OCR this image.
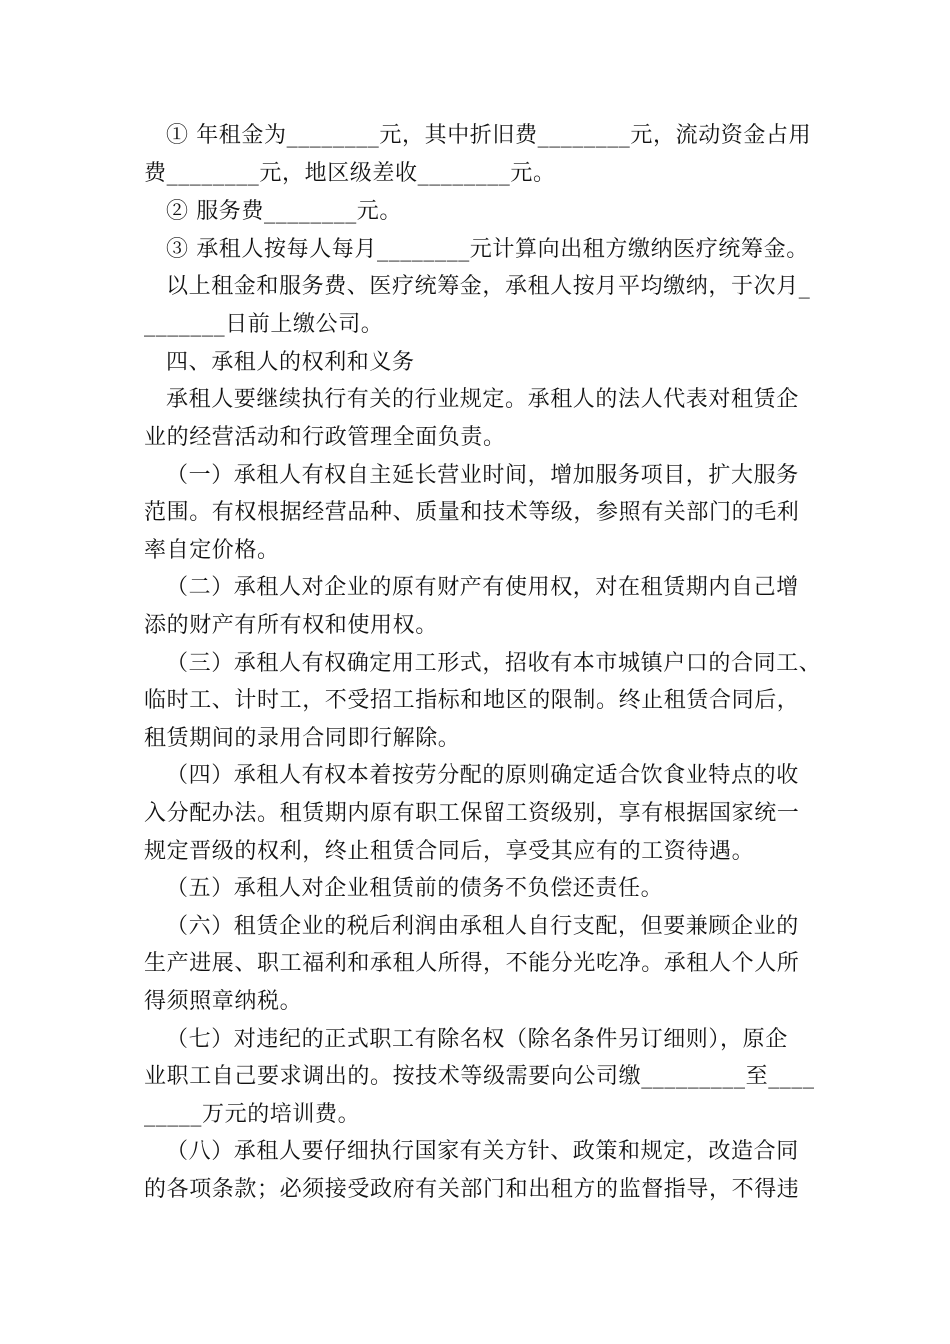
① 年租金为________元，其中折旧费________元，流动资金占用
费________元，地区级差收________元。
② 服务费________元。
③ 承租人按每人每月________元计算向出租方缴纳医疗统筹金。
以上租金和服务费、医疗统筹金，承租人按月平均缴纳，于次月_
_______日前上缴公司。
四、承租人的权利和义务
承租人要继续执行有关的行业规定。承租人的法人代表对租赁企
业的经营活动和行政管理全面负责。
（一）承租人有权自主延长营业时间，增加服务项目，扩大服务
范围。有权根据经营品种、质量和技术等级，参照有关部门的毛利
率自定价格。
（二）承租人对企业的原有财产有使用权，对在租赁期内自己增
添的财产有所有权和使用权。
（三）承租人有权确定用工形式，招收有本市城镇户口的合同工、
临时工、计时工，不受招工指标和地区的限制。终止租赁合同后，
租赁期间的录用合同即行解除。
（四）承租人有权本着按劳分配的原则确定适合饮食业特点的收
入分配办法。租赁期内原有职工保留工资级别，享有根据国家统一
规定晋级的权利，终止租赁合同后，享受其应有的工资待遇。
（五）承租人对企业租赁前的债务不负偿还责任。
（六）租赁企业的税后利润由承租人自行支配，但要兼顾企业的
生产进展、职工福利和承租人所得，不能分光吃净。承租人个人所
得须照章纳税。
（七）对违纪的正式职工有除名权（除名条件另订细则），原企
业职工自己要求调出的。按技术等级需要向公司缴_________至____
_____万元的培训费。
（八）承租人要仔细执行国家有关方针、政策和规定，改造合同
的各项条款；必须接受政府有关部门和出租方的监督指导，不得违
